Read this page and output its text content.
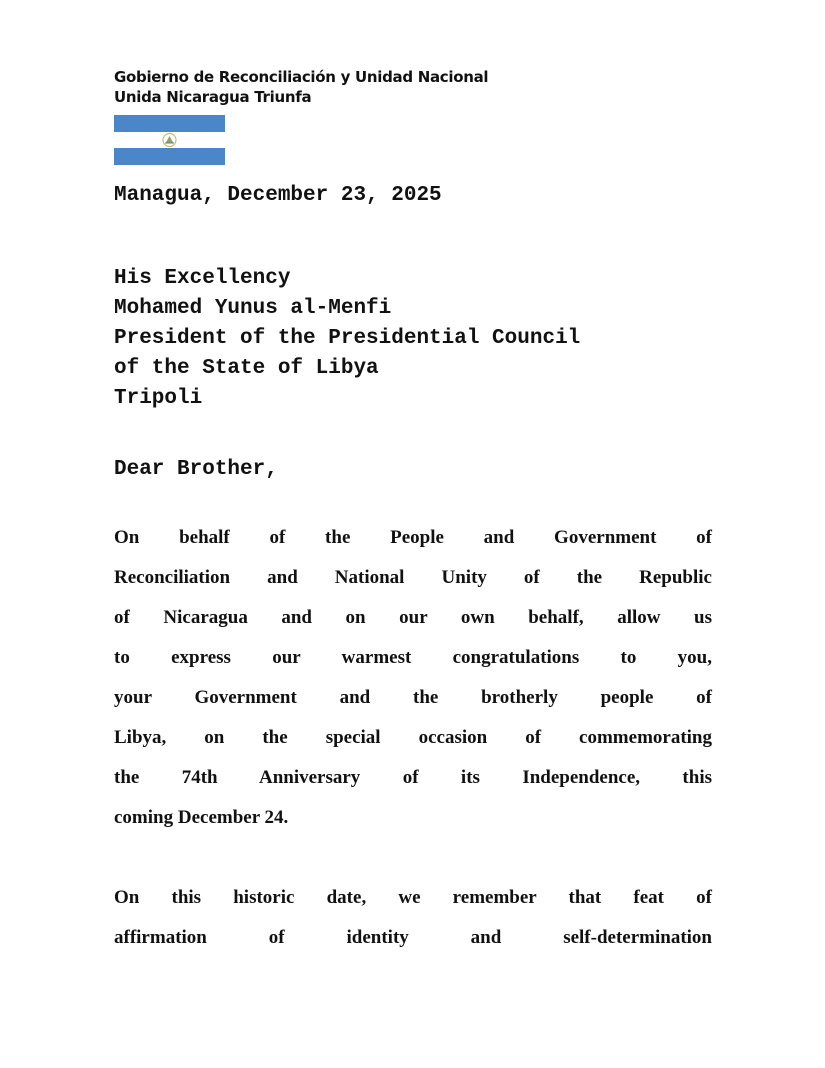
Gobierno de Reconciliación y Unidad Nacional
Unida Nicaragua Triunfa
Managua, December 23, 2025
His Excellency
Mohamed Yunus al-Menfi
President of the Presidential Council
of the State of Libya
Tripoli
Dear Brother,
On behalf of the People and Government of
Reconciliation and National Unity of the Republic
of Nicaragua and on our own behalf, allow us
to express our warmest congratulations to you,
your Government and the brotherly people of
Libya, on the special occasion of commemorating
the 74th Anniversary of its Independence, this
coming December 24.
On this historic date, we remember that feat of
affirmation of identity and self-determination
